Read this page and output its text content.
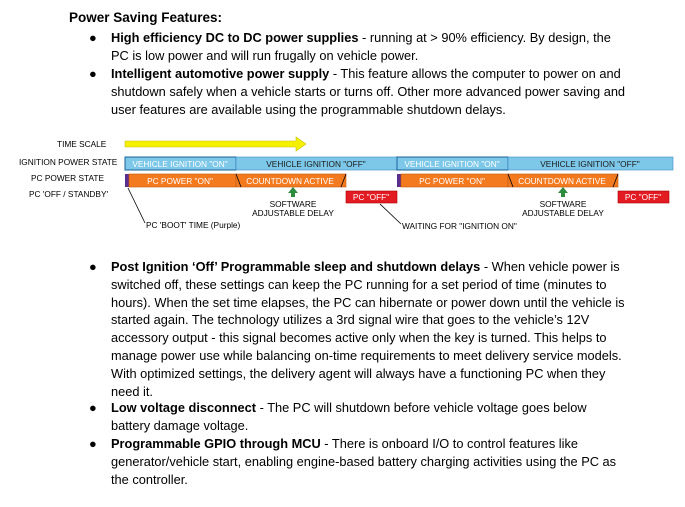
Power Saving Features:
● High efficiency DC to DC power supplies - running at > 90% efficiency. By design, the PC is low power and will run frugally on vehicle power.
● Intelligent automotive power supply - This feature allows the computer to power on and shutdown safely when a vehicle starts or turns off. Other more advanced power saving and user features are available using the programmable shutdown delays.
TIME SCALE
IGNITION POWER STATE
PC POWER STATE
PC 'OFF / STANDBY'
VEHICLE IGNITION "ON"	VEHICLE IGNITION "OFF"	VEHICLE IGNITION "ON"	VEHICLE IGNITION "OFF"
PC POWER "ON"	COUNTDOWN ACTIVE	PC POWER "ON"	COUNTDOWN ACTIVE
PC "OFF"	PC "OFF"
SOFTWARE
ADJUSTABLE DELAY
SOFTWARE
ADJUSTABLE DELAY
PC 'BOOT' TIME (Purple)	WAITING FOR "IGNITION ON"
● Post Ignition ‘Off’ Programmable sleep and shutdown delays - When vehicle power is switched off, these settings can keep the PC running for a set period of time (minutes to hours). When the set time elapses, the PC can hibernate or power down until the vehicle is started again. The technology utilizes a 3rd signal wire that goes to the vehicle’s 12V accessory output - this signal becomes active only when the key is turned. This helps to manage power use while balancing on-time requirements to meet delivery service models. With optimized settings, the delivery agent will always have a functioning PC when they need it.
● Low voltage disconnect - The PC will shutdown before vehicle voltage goes below battery damage voltage.
● Programmable GPIO through MCU - There is onboard I/O to control features like generator/vehicle start, enabling engine-based battery charging activities using the PC as the controller.
